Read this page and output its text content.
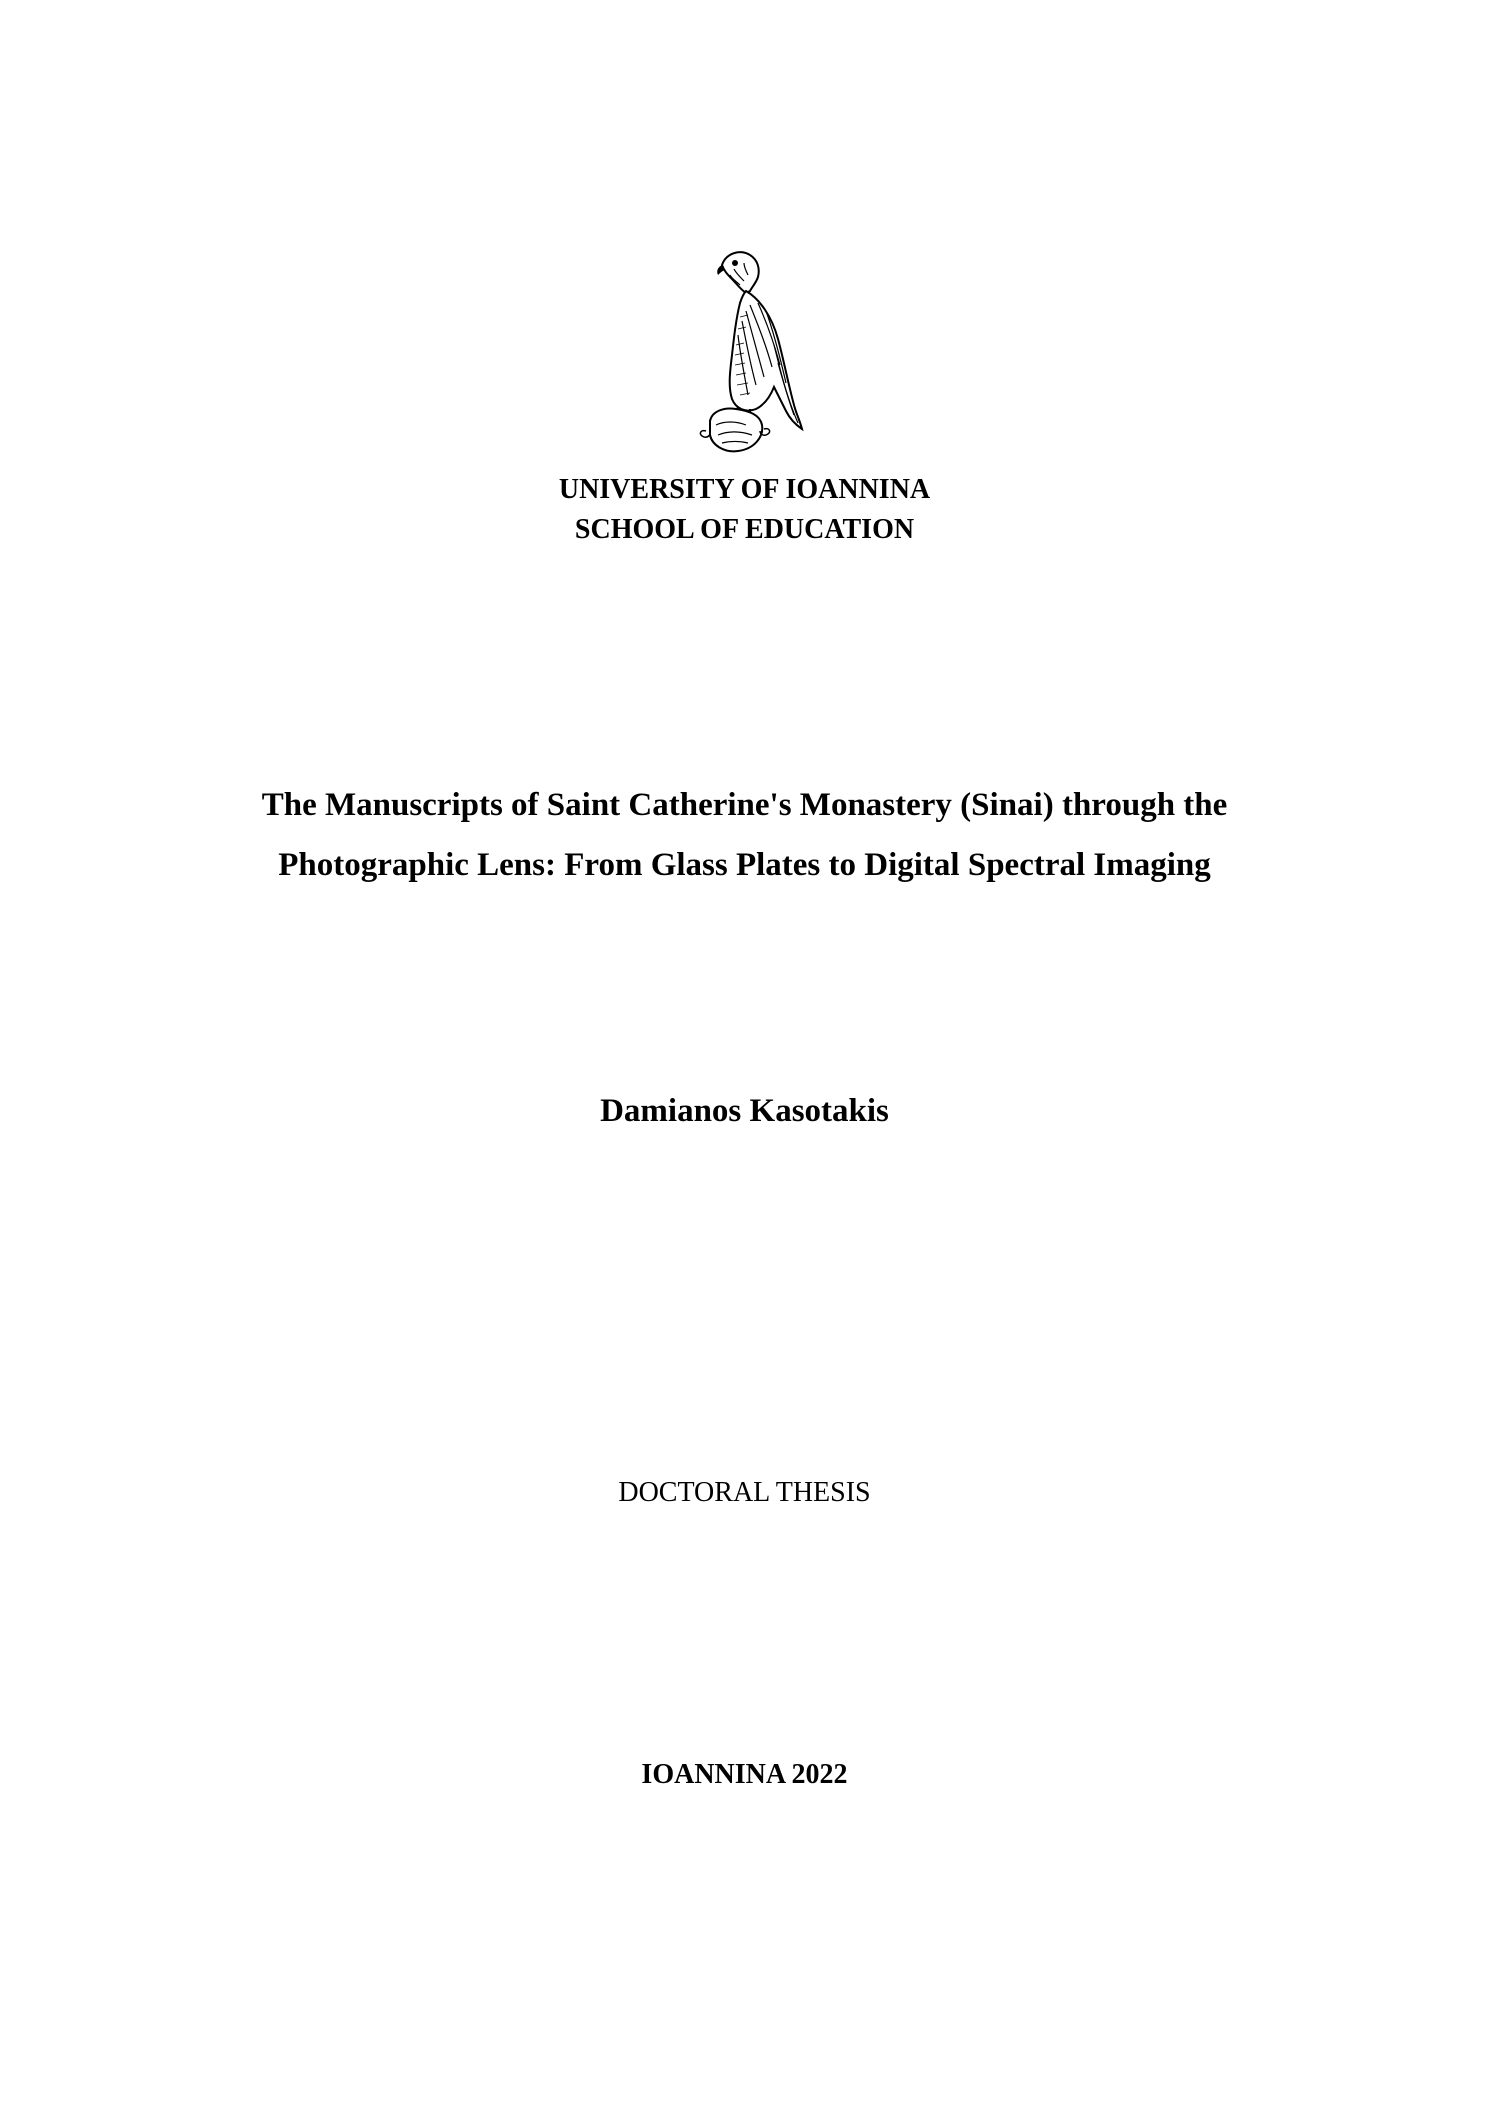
UNIVERSITY OF IOANNINA
SCHOOL OF EDUCATION
The Manuscripts of Saint Catherine's Monastery (Sinai) through the
Photographic Lens: From Glass Plates to Digital Spectral Imaging
Damianos Kasotakis
DOCTORAL THESIS
IOANNINA 2022
